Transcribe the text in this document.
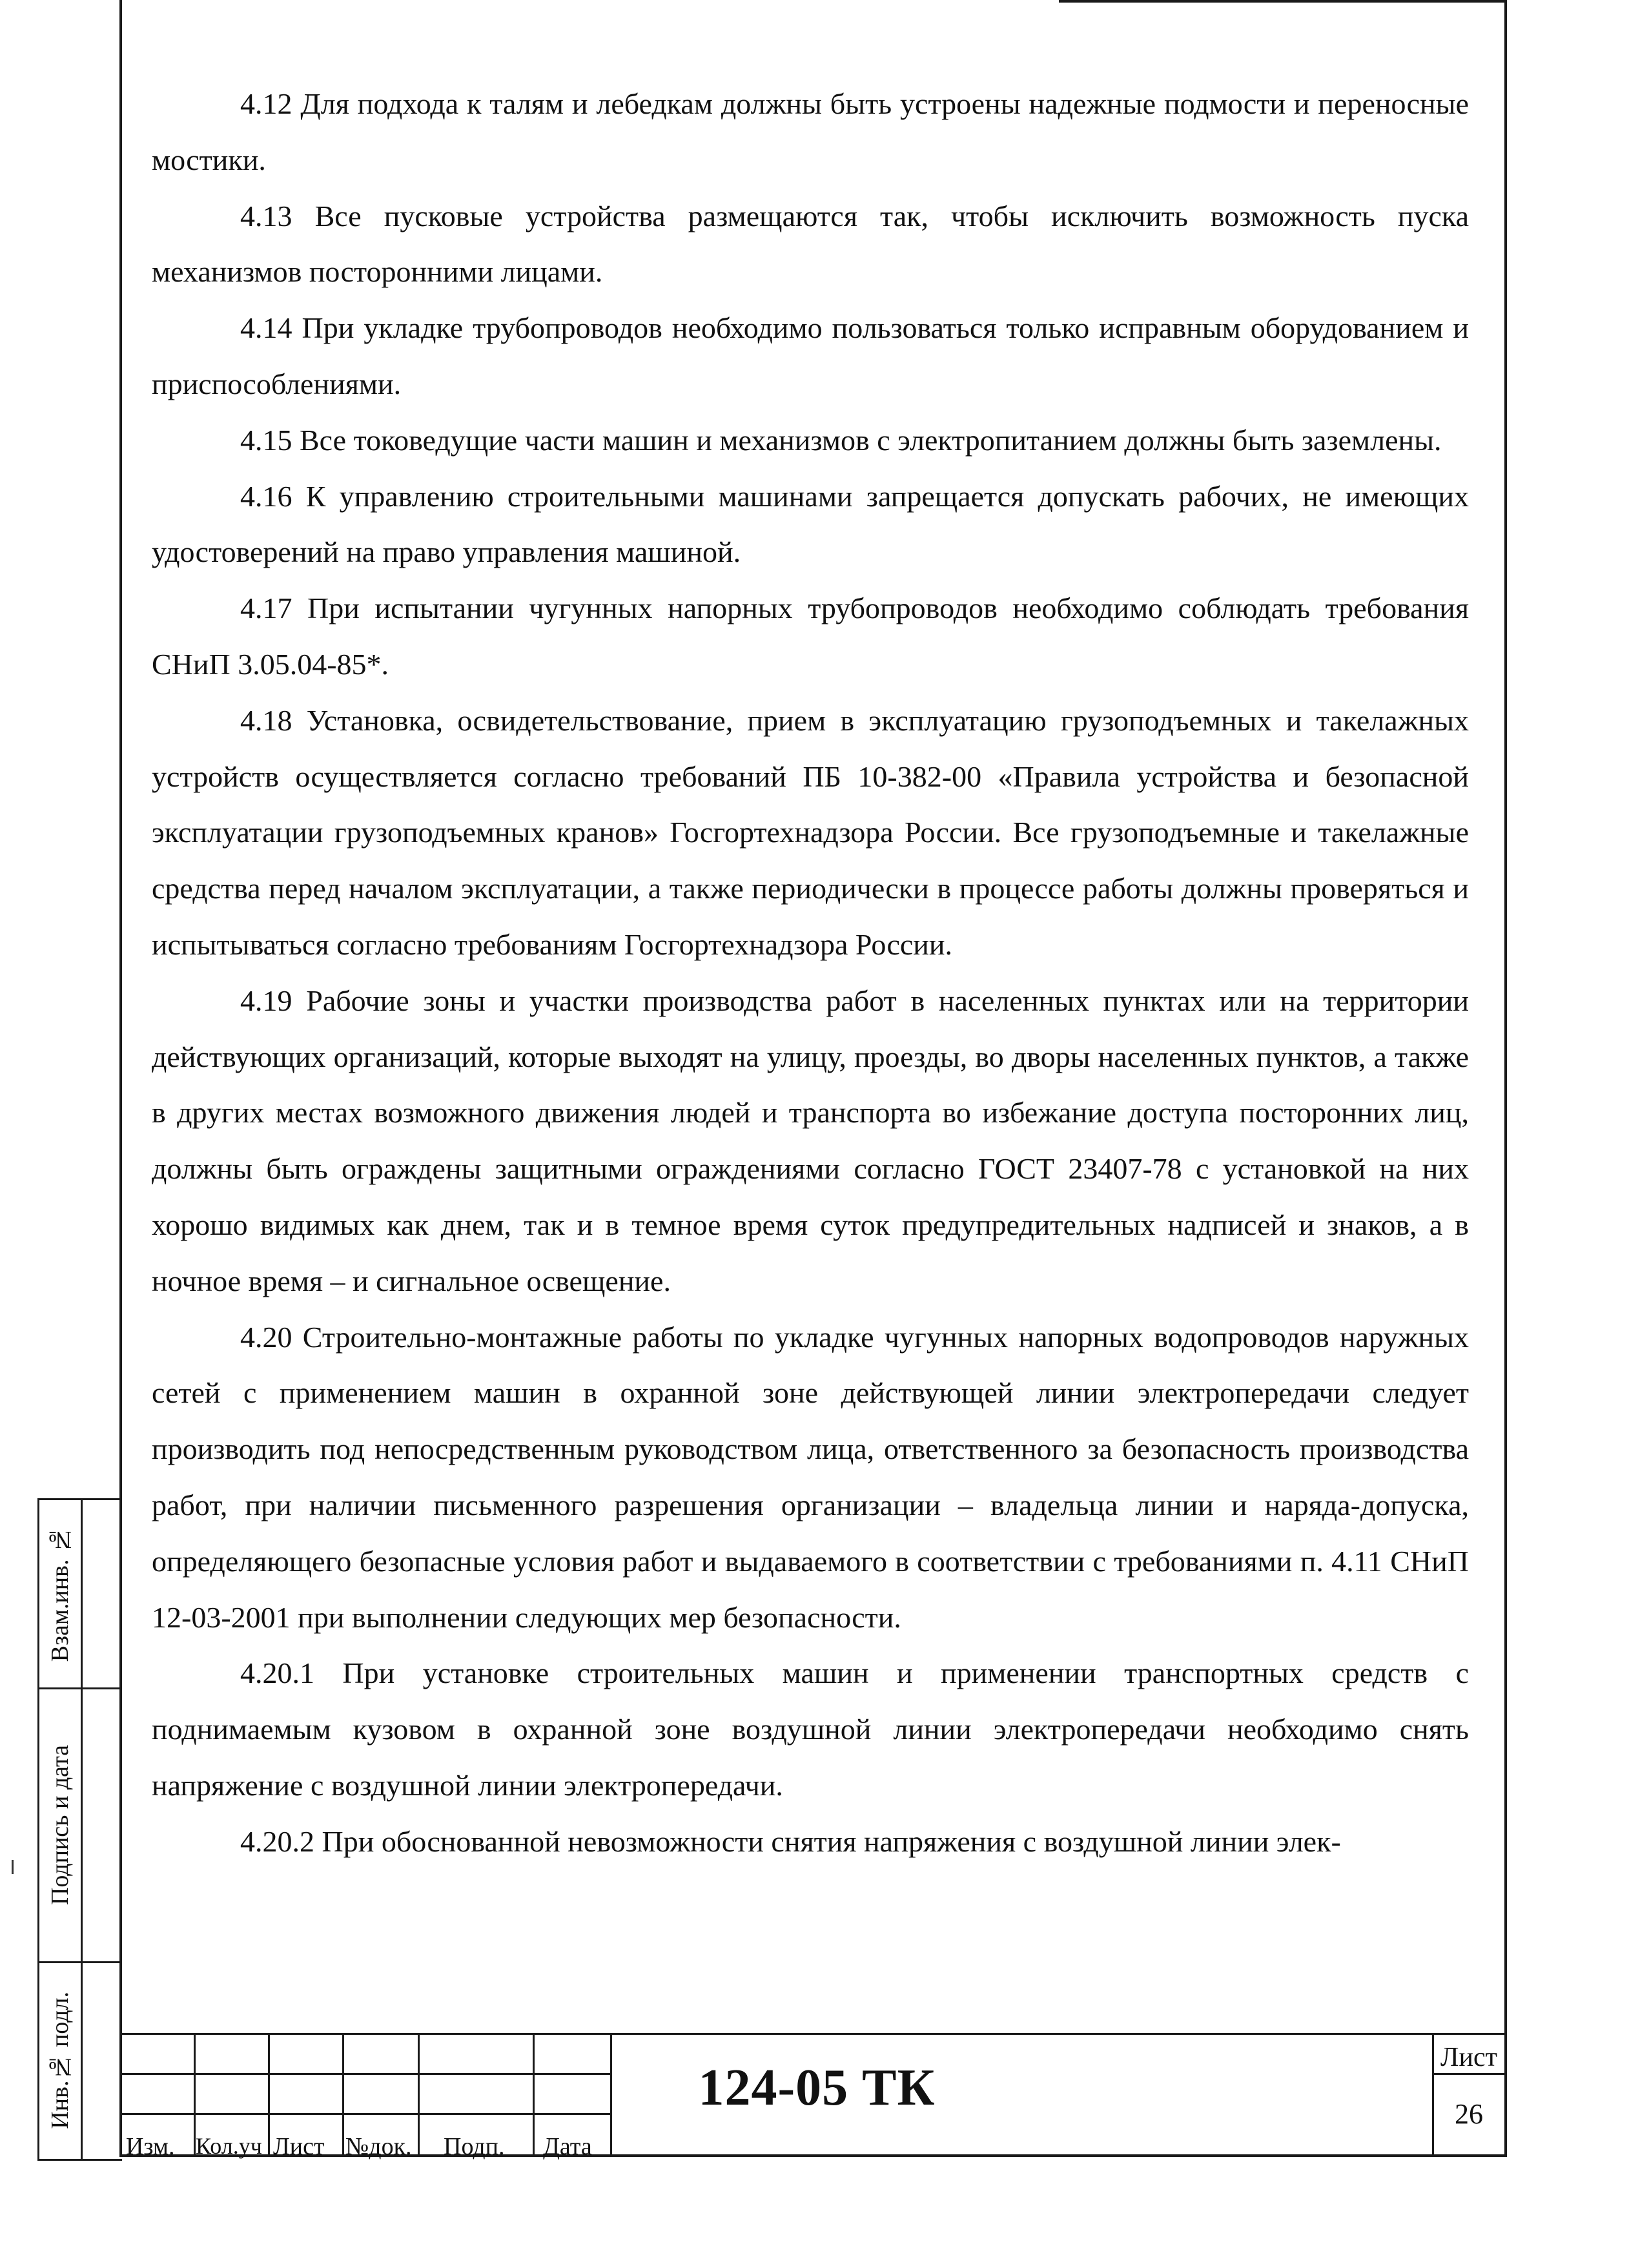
4.12 Для подхода к талям и лебедкам должны быть устроены надежные подмости и переносные мостики.

4.13 Все пусковые устройства размещаются так, чтобы исключить возможность пуска механизмов посторонними лицами.

4.14 При укладке трубопроводов необходимо пользоваться только исправным оборудованием и приспособлениями.

4.15 Все токоведущие части машин и механизмов с электропитанием должны быть заземлены.

4.16 К управлению строительными машинами запрещается допускать рабочих, не имеющих удостоверений на право управления машиной.

4.17 При испытании чугунных напорных трубопроводов необходимо соблюдать требования СНиП 3.05.04-85*.

4.18 Установка, освидетельствование, прием в эксплуатацию грузоподъемных и такелажных устройств осуществляется согласно требований ПБ 10-382-00 «Правила устройства и безопасной эксплуатации грузоподъемных кранов» Госгортехнадзора России. Все грузоподъемные и такелажные средства перед началом эксплуатации, а также периодически в процессе работы должны проверяться и испытываться согласно требованиям Госгортехнадзора России.

4.19 Рабочие зоны и участки производства работ в населенных пунктах или на территории действующих организаций, которые выходят на улицу, проезды, во дворы населенных пунктов, а также в других местах возможного движения людей и транспорта во избежание доступа посторонних лиц, должны быть ограждены защитными ограждениями согласно ГОСТ 23407-78 с установкой на них хорошо видимых как днем, так и в темное время суток предупредительных надписей и знаков, а в ночное время – и сигнальное освещение.

4.20 Строительно-монтажные работы по укладке чугунных напорных водопроводов наружных сетей с применением машин в охранной зоне действующей линии электропередачи следует производить под непосредственным руководством лица, ответственного за безопасность производства работ, при наличии письменного разрешения организации – владельца линии и наряда-допуска, определяющего безопасные условия работ и выдаваемого в соответствии с требованиями п. 4.11 СНиП 12-03-2001 при выполнении следующих мер безопасности.

4.20.1 При установке строительных машин и применении транспортных средств с поднимаемым кузовом в охранной зоне воздушной линии электропередачи необходимо снять напряжение с воздушной линии электропередачи.

4.20.2 При обоснованной невозможности снятия напряжения с воздушной линии элек-

Взам.инв. №
Подпись и дата
Инв.№ подл.
Изм. Кол.уч Лист №док. Подп. Дата
124-05 ТК
Лист
26
